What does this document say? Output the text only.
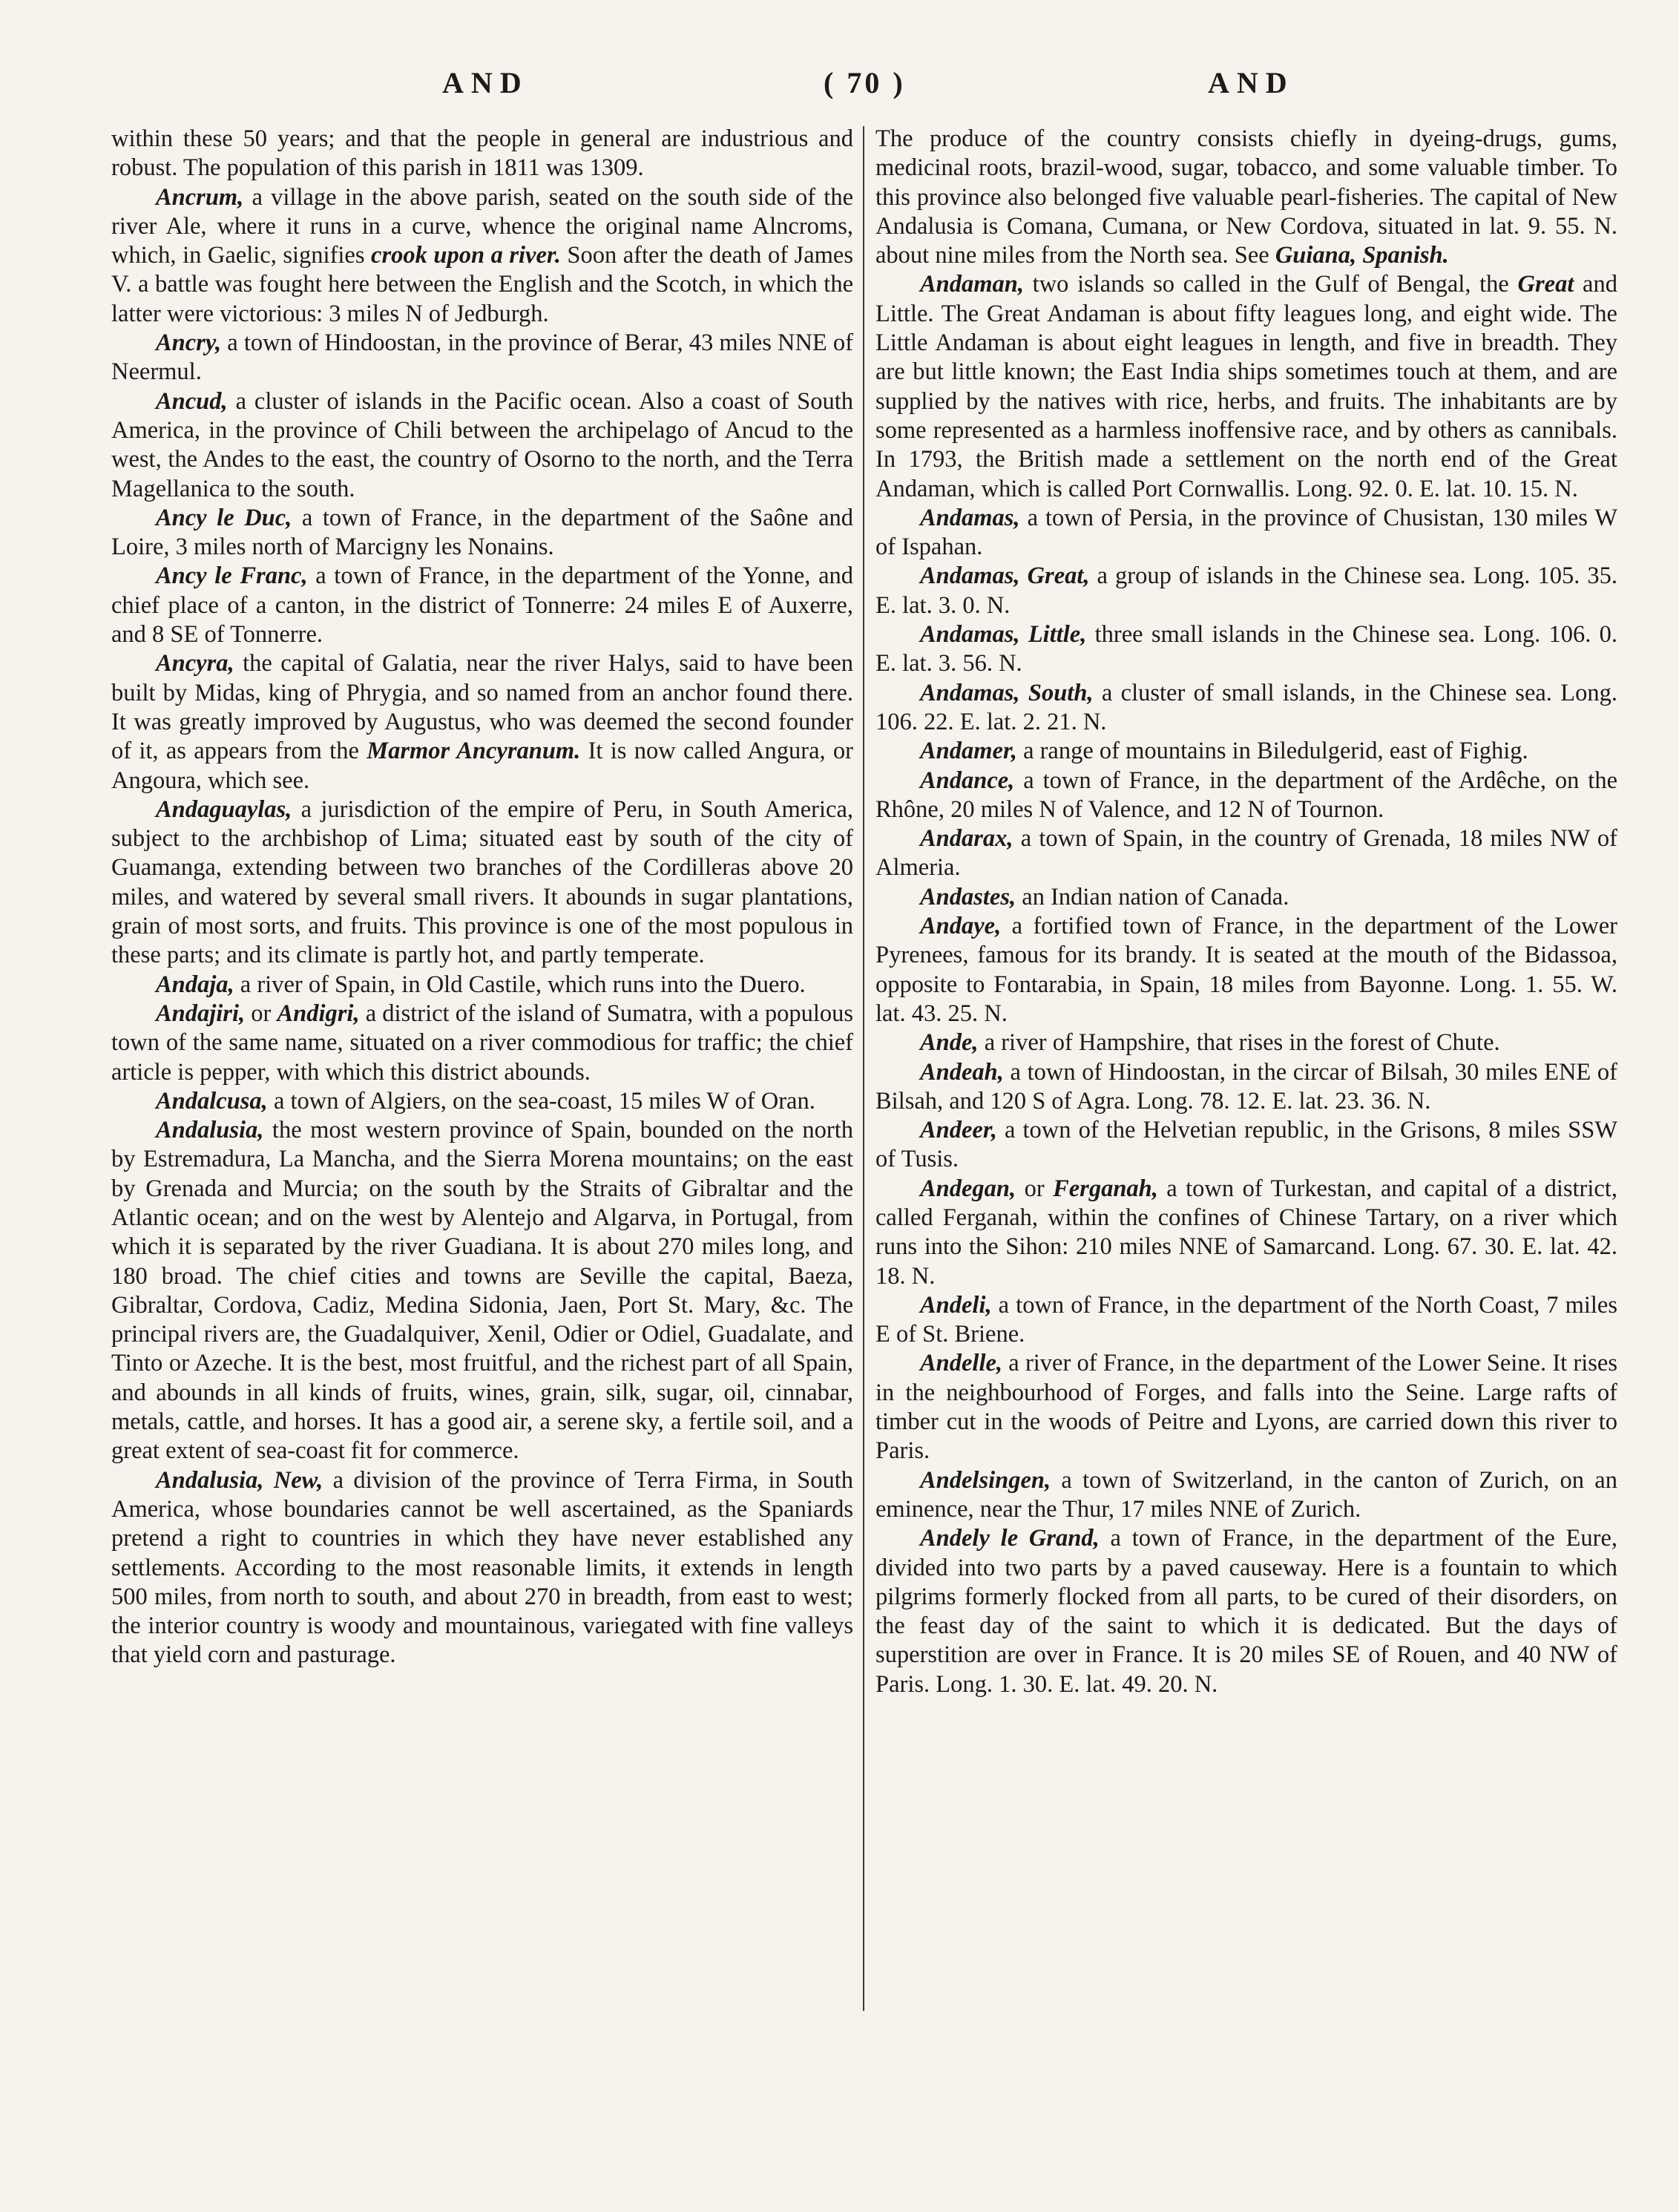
AND	( 70 )	AND

within these 50 years; and that the people in general are industrious and robust. The population of this parish in 1811 was 1309.

Ancrum, a village in the above parish, seated on the south side of the river Ale, where it runs in a curve, whence the original name Alncroms, which, in Gaelic, signifies crook upon a river. Soon after the death of James V. a battle was fought here between the English and the Scotch, in which the latter were victorious: 3 miles N of Jedburgh.

Ancry, a town of Hindoostan, in the province of Berar, 43 miles NNE of Neermul.

Ancud, a cluster of islands in the Pacific ocean. Also a coast of South America, in the province of Chili between the archipelago of Ancud to the west, the Andes to the east, the country of Osorno to the north, and the Terra Magellanica to the south.

Ancy le Duc, a town of France, in the department of the Saône and Loire, 3 miles north of Marcigny les Nonains.

Ancy le Franc, a town of France, in the department of the Yonne, and chief place of a canton, in the district of Tonnerre: 24 miles E of Auxerre, and 8 SE of Tonnerre.

Ancyra, the capital of Galatia, near the river Halys, said to have been built by Midas, king of Phrygia, and so named from an anchor found there. It was greatly improved by Augustus, who was deemed the second founder of it, as appears from the Marmor Ancyranum. It is now called Angura, or Angoura, which see.

Andaguaylas, a jurisdiction of the empire of Peru, in South America, subject to the archbishop of Lima; situated east by south of the city of Guamanga, extending between two branches of the Cordilleras above 20 miles, and watered by several small rivers. It abounds in sugar plantations, grain of most sorts, and fruits. This province is one of the most populous in these parts; and its climate is partly hot, and partly temperate.

Andaja, a river of Spain, in Old Castile, which runs into the Duero.

Andajiri, or Andigri, a district of the island of Sumatra, with a populous town of the same name, situated on a river commodious for traffic; the chief article is pepper, with which this district abounds.

Andalcusa, a town of Algiers, on the sea-coast, 15 miles W of Oran.

Andalusia, the most western province of Spain, bounded on the north by Estremadura, La Mancha, and the Sierra Morena mountains; on the east by Grenada and Murcia; on the south by the Straits of Gibraltar and the Atlantic ocean; and on the west by Alentejo and Algarva, in Portugal, from which it is separated by the river Guadiana. It is about 270 miles long, and 180 broad. The chief cities and towns are Seville the capital, Baeza, Gibraltar, Cordova, Cadiz, Medina Sidonia, Jaen, Port St. Mary, &c. The principal rivers are, the Guadalquiver, Xenil, Odier or Odiel, Guadalate, and Tinto or Azeche. It is the best, most fruitful, and the richest part of all Spain, and abounds in all kinds of fruits, wines, grain, silk, sugar, oil, cinnabar, metals, cattle, and horses. It has a good air, a serene sky, a fertile soil, and a great extent of sea-coast fit for commerce.

Andalusia, New, a division of the province of Terra Firma, in South America, whose boundaries cannot be well ascertained, as the Spaniards pretend a right to countries in which they have never established any settlements. According to the most reasonable limits, it extends in length 500 miles, from north to south, and about 270 in breadth, from east to west; the interior country is woody and mountainous, variegated with fine valleys that yield corn and pasturage.

The produce of the country consists chiefly in dyeing-drugs, gums, medicinal roots, brazil-wood, sugar, tobacco, and some valuable timber. To this province also belonged five valuable pearl-fisheries. The capital of New Andalusia is Comana, Cumana, or New Cordova, situated in lat. 9. 55. N. about nine miles from the North sea. See Guiana, Spanish.

Andaman, two islands so called in the Gulf of Bengal, the Great and Little. The Great Andaman is about fifty leagues long, and eight wide. The Little Andaman is about eight leagues in length, and five in breadth. They are but little known; the East India ships sometimes touch at them, and are supplied by the natives with rice, herbs, and fruits. The inhabitants are by some represented as a harmless inoffensive race, and by others as cannibals. In 1793, the British made a settlement on the north end of the Great Andaman, which is called Port Cornwallis. Long. 92. 0. E. lat. 10. 15. N.

Andamas, a town of Persia, in the province of Chusistan, 130 miles W of Ispahan.

Andamas, Great, a group of islands in the Chinese sea. Long. 105. 35. E. lat. 3. 0. N.

Andamas, Little, three small islands in the Chinese sea. Long. 106. 0. E. lat. 3. 56. N.

Andamas, South, a cluster of small islands, in the Chinese sea. Long. 106. 22. E. lat. 2. 21. N.

Andamer, a range of mountains in Biledulgerid, east of Fighig.

Andance, a town of France, in the department of the Ardêche, on the Rhône, 20 miles N of Valence, and 12 N of Tournon.

Andarax, a town of Spain, in the country of Grenada, 18 miles NW of Almeria.

Andastes, an Indian nation of Canada.

Andaye, a fortified town of France, in the department of the Lower Pyrenees, famous for its brandy. It is seated at the mouth of the Bidassoa, opposite to Fontarabia, in Spain, 18 miles from Bayonne. Long. 1. 55. W. lat. 43. 25. N.

Ande, a river of Hampshire, that rises in the forest of Chute.

Andeah, a town of Hindoostan, in the circar of Bilsah, 30 miles ENE of Bilsah, and 120 S of Agra. Long. 78. 12. E. lat. 23. 36. N.

Andeer, a town of the Helvetian republic, in the Grisons, 8 miles SSW of Tusis.

Andegan, or Ferganah, a town of Turkestan, and capital of a district, called Ferganah, within the confines of Chinese Tartary, on a river which runs into the Sihon: 210 miles NNE of Samarcand. Long. 67. 30. E. lat. 42. 18. N.

Andeli, a town of France, in the department of the North Coast, 7 miles E of St. Briene.

Andelle, a river of France, in the department of the Lower Seine. It rises in the neighbourhood of Forges, and falls into the Seine. Large rafts of timber cut in the woods of Peitre and Lyons, are carried down this river to Paris.

Andelsingen, a town of Switzerland, in the canton of Zurich, on an eminence, near the Thur, 17 miles NNE of Zurich.

Andely le Grand, a town of France, in the department of the Eure, divided into two parts by a paved causeway. Here is a fountain to which pilgrims formerly flocked from all parts, to be cured of their disorders, on the feast day of the saint to which it is dedicated. But the days of superstition are over in France. It is 20 miles SE of Rouen, and 40 NW of Paris. Long. 1. 30. E. lat. 49. 20. N.
